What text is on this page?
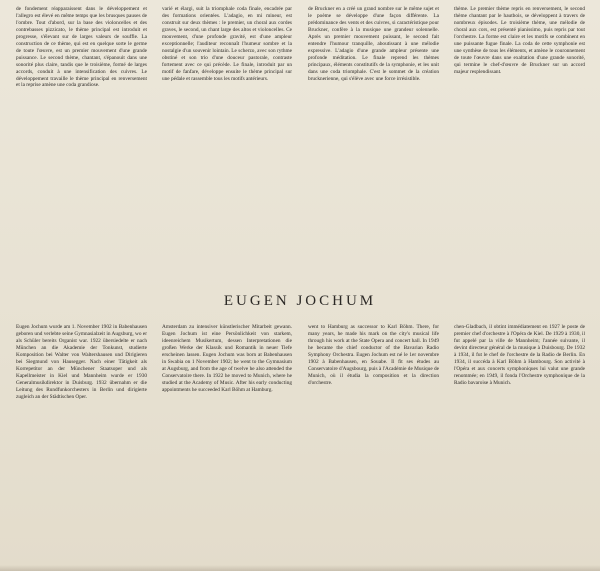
de fondement réapparaissent dans le développement et l'allegro est élevé en même temps que les brusques pauses de l'ombre. Tout d'abord, sur la base des violoncelles et des contrebasses pizzicato, le thème principal est introduit et progresse, s'élevant sur de larges valeurs de souffle. La construction de ce thème, qui est en quelque sorte le germe de toute l'œuvre, est un premier mouvement d'une grande puissance. Le second thème, chantant, s'épanouit dans une sonorité plus claire, tandis que le troisième, formé de larges accords, conduit à une intensification des cuivres. Le développement travaille le thème principal en renversement et la reprise amène une coda grandiose.

varié et élargi, suit la triomphale coda finale, encadrée par des formations orientées. L'adagio, en mi mineur, est construit sur deux thèmes : le premier, un choral aux cordes graves, le second, un chant large des altos et violoncelles. Ce mouvement, d'une profonde gravité, est d'une ampleur exceptionnelle; l'auditeur reconnaît l'humeur sombre et la nostalgie d'un souvenir lointain. Le scherzo, avec son rythme obstiné et son trio d'une douceur pastorale, contraste fortement avec ce qui précède. Le finale, introduit par un motif de fanfare, développe ensuite le thème principal sur une pédale et rassemble tous les motifs antérieurs.

de Bruckner en a créé un grand nombre sur le même sujet et le poème se développe d'une façon différente. La prédominance des vents et des cuivres, si caractéristique pour Bruckner, confère à la musique une grandeur solennelle. Après un premier mouvement puissant, le second fait entendre l'humour tranquille, aboutissant à une mélodie expressive. L'adagio d'une grande ampleur présente une profonde méditation. Le finale reprend les thèmes principaux, éléments constitutifs de la symphonie, et les unit dans une coda triomphale. C'est le sommet de la création brucknerienne, qui s'élève avec une force irrésistible.

thème. Le premier thème repris en renversement, le second thème chantant par le hautbois, se développent à travers de nombreux épisodes. Le troisième thème, une mélodie de choral aux cors, est présenté pianissimo, puis repris par tout l'orchestre. La forme est claire et les motifs se combinent en une puissante fugue finale. La coda de cette symphonie est une synthèse de tous les éléments, et amène le couronnement de toute l'œuvre dans une exaltation d'une grande sonorité, qui termine le chef-d'œuvre de Bruckner sur un accord majeur resplendissant.

EUGEN JOCHUM

Eugen Jochum wurde am 1. November 1902 in Babenhausen geboren und verlebte seine Gymnasialzeit in Augsburg, wo er als Schüler bereits Organist war. 1922 übersiedelte er nach München an die Akademie der Tonkunst, studierte Komposition bei Walter von Waltershausen und Dirigieren bei Siegmund von Hausegger. Nach einer Tätigkeit als Korrepetitor an der Münchener Staatsoper und als Kapellmeister in Kiel und Mannheim wurde er 1930 Generalmusikdirektor in Duisburg. 1932 übernahm er die Leitung des Rundfunkorchesters in Berlin und dirigierte zugleich an der Städtischen Oper.

Amsterdam zu intensiver künstlerischer Mitarbeit gewann. Eugen Jochum ist eine Persönlichkeit von starkem, ideenreichem Musikertum, dessen Interpretationen die großen Werke der Klassik und Romantik in neuer Tiefe erscheinen lassen. Eugen Jochum was born at Babenhausen in Swabia on 1 November 1902; he went to the Gymnasium at Augsburg, and from the age of twelve he also attended the Conservatoire there. In 1922 he moved to Munich, where he studied at the Academy of Music. After his early conducting appointments he succeeded Karl Böhm at Hamburg.

went to Hamburg as successor to Karl Böhm. There, for many years, he made his mark on the city's musical life through his work at the State Opera and concert hall. In 1949 he became the chief conductor of the Bavarian Radio Symphony Orchestra. Eugen Jochum est né le 1er novembre 1902 à Babenhausen, en Souabe. Il fit ses études au Conservatoire d'Augsbourg, puis à l'Académie de Musique de Munich, où il étudia la composition et la direction d'orchestre.

chen-Gladbach, il obtint immédiatement en 1927 le poste de premier chef d'orchestre à l'Opéra de Kiel. De 1929 à 1930, il fut appelé par la ville de Mannheim; l'année suivante, il devint directeur général de la musique à Duisbourg. De 1932 à 1934, il fut le chef de l'orchestre de la Radio de Berlin. En 1934, il succéda à Karl Böhm à Hambourg. Son activité à l'Opéra et aux concerts symphoniques lui valut une grande renommée; en 1949, il fonda l'Orchestre symphonique de la Radio bavaroise à Munich.
